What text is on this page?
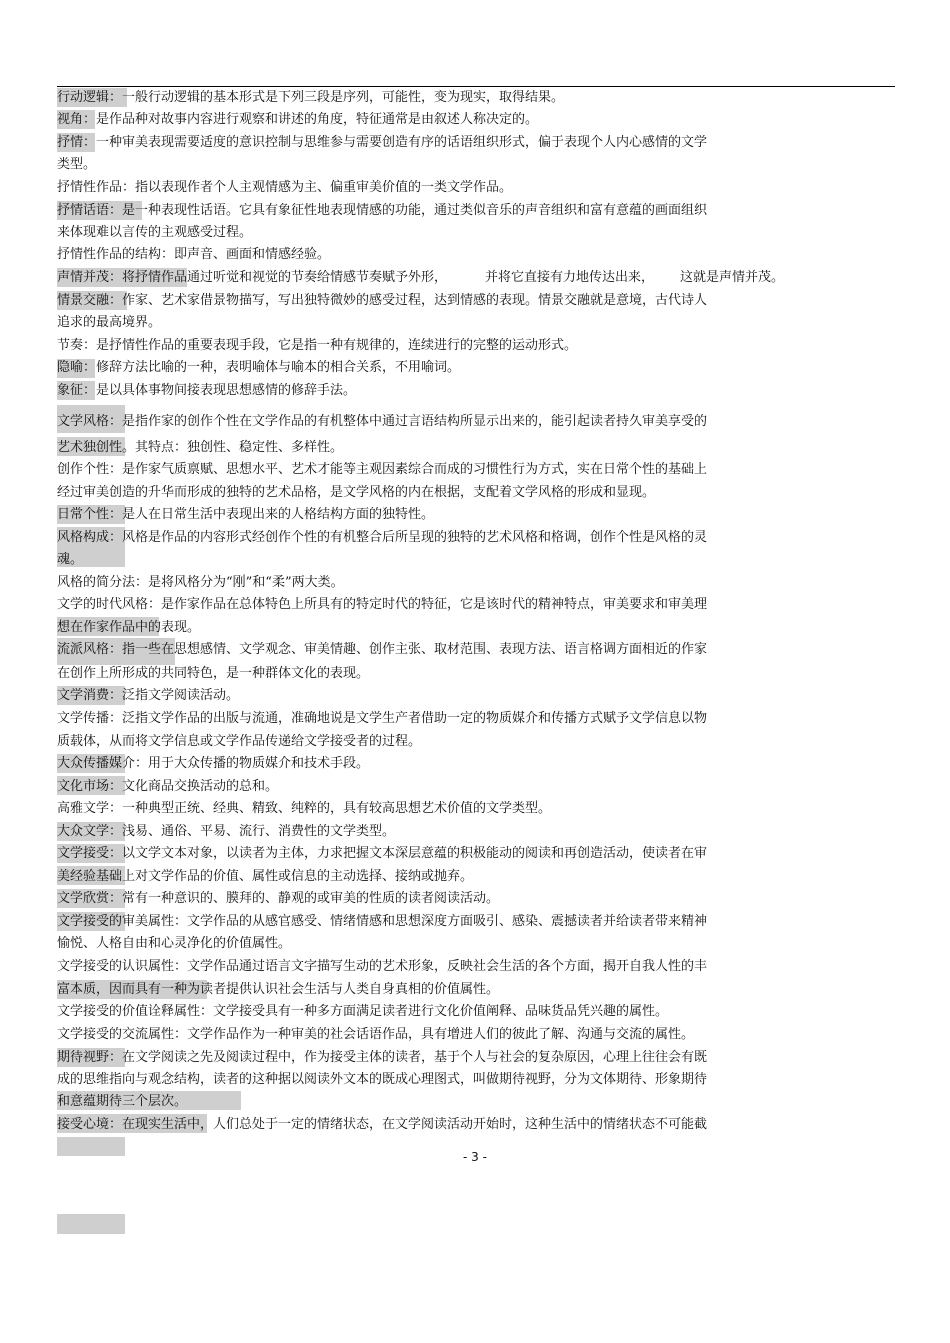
行动逻辑：一般行动逻辑的基本形式是下列三段是序列，可能性，变为现实，取得结果。
视角：是作品种对故事内容进行观察和讲述的角度，特征通常是由叙述人称决定的。
抒情：一种审美表现需要适度的意识控制与思维参与需要创造有序的话语组织形式，偏于表现个人内心感情的文学
类型。
抒情性作品：指以表现作者个人主观情感为主、偏重审美价值的一类文学作品。
抒情话语：是一种表现性话语。它具有象征性地表现情感的功能，通过类似音乐的声音组织和富有意蕴的画面组织
来体现难以言传的主观感受过程。
抒情性作品的结构：即声音、画面和情感经验。
声情并茂：将抒情作品通过听觉和视觉的节奏给情感节奏赋予外形，	并将它直接有力地传达出来， 这就是声情并茂。
情景交融：作家、艺术家借景物描写，写出独特微妙的感受过程，达到情感的表现。情景交融就是意境，古代诗人
追求的最高境界。
节奏：是抒情性作品的重要表现手段，它是指一种有规律的，连续进行的完整的运动形式。
隐喻：修辞方法比喻的一种，表明喻体与喻本的相合关系，不用喻词。
象征：是以具体事物间接表现思想感情的修辞手法。
文学风格：是指作家的创作个性在文学作品的有机整体中通过言语结构所显示出来的，能引起读者持久审美享受的
艺术独创性。其特点：独创性、稳定性、多样性。
创作个性：是作家气质禀赋、思想水平、艺术才能等主观因素综合而成的习惯性行为方式，实在日常个性的基础上
经过审美创造的升华而形成的独特的艺术品格，是文学风格的内在根据，支配着文学风格的形成和显现。
日常个性：是人在日常生活中表现出来的人格结构方面的独特性。
风格构成：风格是作品的内容形式经创作个性的有机整合后所呈现的独特的艺术风格和格调，创作个性是风格的灵
魂。
风格的简分法：是将风格分为“刚”和“柔”两大类。
文学的时代风格：是作家作品在总体特色上所具有的特定时代的特征，它是该时代的精神特点，审美要求和审美理
想在作家作品中的表现。
流派风格：指一些在思想感情、文学观念、审美情趣、创作主张、取材范围、表现方法、语言格调方面相近的作家
在创作上所形成的共同特色，是一种群体文化的表现。
文学消费：泛指文学阅读活动。
文学传播：泛指文学作品的出版与流通，准确地说是文学生产者借助一定的物质媒介和传播方式赋予文学信息以物
质载体，从而将文学信息或文学作品传递给文学接受者的过程。
大众传播媒介：用于大众传播的物质媒介和技术手段。
文化市场：文化商品交换活动的总和。
高雅文学：一种典型正统、经典、精致、纯粹的，具有较高思想艺术价值的文学类型。
大众文学：浅易、通俗、平易、流行、消费性的文学类型。
文学接受：以文学文本对象，以读者为主体，力求把握文本深层意蕴的积极能动的阅读和再创造活动，使读者在审
美经验基础上对文学作品的价值、属性或信息的主动选择、接纳或抛弃。
文学欣赏：常有一种意识的、膜拜的、静观的或审美的性质的读者阅读活动。
文学接受的审美属性：文学作品的从感官感受、情绪情感和思想深度方面吸引、感染、震撼读者并给读者带来精神
愉悦、人格自由和心灵净化的价值属性。
文学接受的认识属性：文学作品通过语言文字描写生动的艺术形象，反映社会生活的各个方面，揭开自我人性的丰
富本质，因而具有一种为读者提供认识社会生活与人类自身真相的价值属性。
文学接受的价值诠释属性：文学接受具有一种多方面满足读者进行文化价值阐释、品味货品凭兴趣的属性。
文学接受的交流属性：文学作品作为一种审美的社会话语作品，具有增进人们的彼此了解、沟通与交流的属性。
期待视野：在文学阅读之先及阅读过程中，作为接受主体的读者，基于个人与社会的复杂原因，心理上往往会有既
成的思维指向与观念结构，读者的这种据以阅读外文本的既成心理图式，叫做期待视野，分为文体期待、形象期待
和意蕴期待三个层次。
接受心境：在现实生活中，人们总处于一定的情绪状态，在文学阅读活动开始时，这种生活中的情绪状态不可能截
- 3 -
